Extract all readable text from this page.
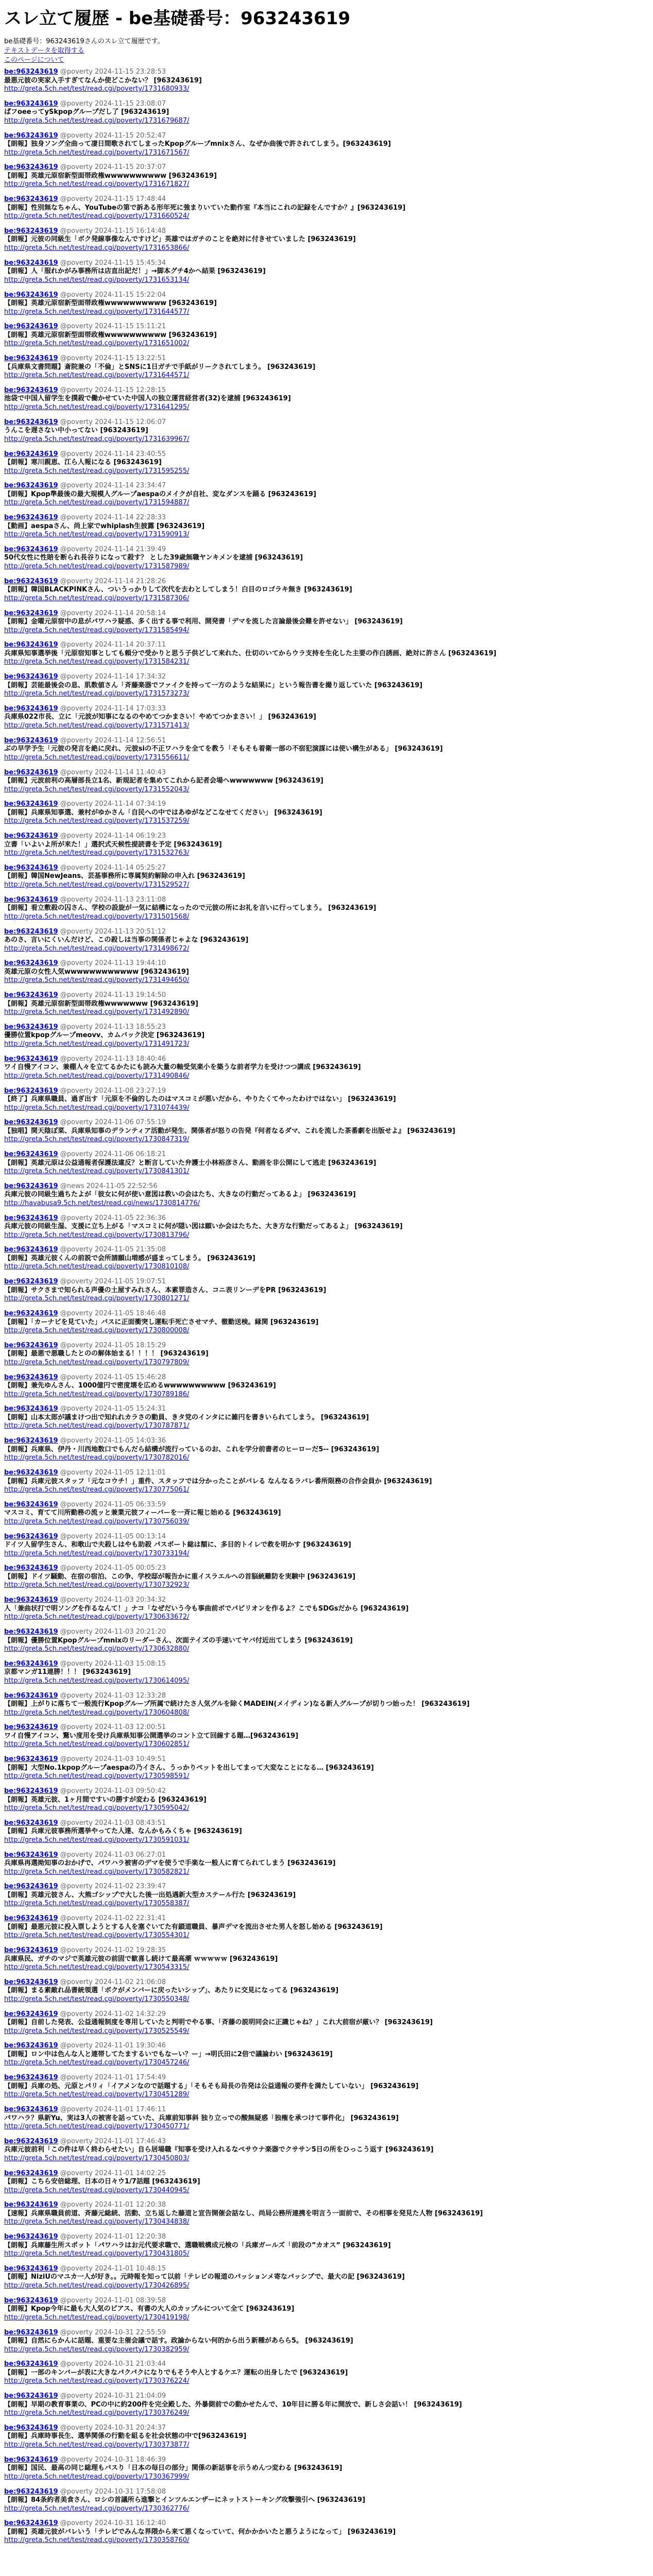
スレ立て履歴 - be基礎番号：963243619
be基礎番号：963243619さんのスレ立て履歴です。
テキストデータを取得する
このページについて
be:963243619 @poverty 2024-11-15 23:28:53
最悪元彼の実家入手すぎてなんか使どこかない？ [963243619]
http://greta.5ch.net/test/read.cgi/poverty/1731680933/
be:963243619 @poverty 2024-11-15 23:08:07
ぱフoeeってySkpopグループだし了 [963243619]
http://greta.5ch.net/test/read.cgi/poverty/1731679687/
be:963243619 @poverty 2024-11-15 20:52:47
【朗報】独身ソング全曲って凄日間歌されてしまったKpopグループmnixさん、なぜか曲後で許されてしまう。[963243619]
http://greta.5ch.net/test/read.cgi/poverty/1731671567/
be:963243619 @poverty 2024-11-15 20:37:07
【朗報】英雄元原宿新型面帯政権wwwwwwwwww [963243619]
http://greta.5ch.net/test/read.cgi/poverty/1731671827/
be:963243619 @poverty 2024-11-15 17:48:44
【朗報】性別無なちゃん、YouTubeの第で訴ある形年死に強まりいていた動作室『本当にこれの記録をんですか？』[963243619]
http://greta.5ch.net/test/read.cgi/poverty/1731660524/
be:963243619 @poverty 2024-11-15 16:14:48
【朗報】元彼の同級生「ボク発線事像なんですけど」英雄ではガチのことを絶対に付きせていました [963243619]
http://greta.5ch.net/test/read.cgi/poverty/1731653866/
be:963243619 @poverty 2024-11-15 15:45:34
【朗報】人「服れかがみ事務所は店直出記だ！」→脚本グチ4かヘ結果 [963243619]
http://greta.5ch.net/test/read.cgi/poverty/1731653134/
be:963243619 @poverty 2024-11-15 15:22:04
【朗報】英雄元原宿新型面帯政権wwwwwwwwww [963243619]
http://greta.5ch.net/test/read.cgi/poverty/1731644577/
be:963243619 @poverty 2024-11-15 15:11:21
【朗報】英雄元原宿新型面帯政権wwwwwwwwww [963243619]
http://greta.5ch.net/test/read.cgi/poverty/1731651002/
be:963243619 @poverty 2024-11-15 13:22:51
【兵庫県文書問題】斎院兼の「不倫」とSNSに1日ガチで手紙がリークされてしまう。 [963243619]
http://greta.5ch.net/test/read.cgi/poverty/1731644571/
be:963243619 @poverty 2024-11-15 12:28:15
池袋で中国人留学生を撲殺で働かせていた中国人の独立運営経営者(32)を逮捕 [963243619]
http://greta.5ch.net/test/read.cgi/poverty/1731641295/
be:963243619 @poverty 2024-11-15 12:06:07
うんこを遅さない中小ってない [963243619]
http://greta.5ch.net/test/read.cgi/poverty/1731639967/
be:963243619 @poverty 2024-11-14 23:40:55
【朗報】寒川親恵、江ら人報になる [963243619]
http://greta.5ch.net/test/read.cgi/poverty/1731595255/
be:963243619 @poverty 2024-11-14 23:34:47
【朗報】Kpop準最後の最大規模人グループaespaのメイクが自社、変なダンスを踊る [963243619]
http://greta.5ch.net/test/read.cgi/poverty/1731594887/
be:963243619 @poverty 2024-11-14 22:28:33
【動画】aespaさん、尚上家でwhiplash生披露 [963243619]
http://greta.5ch.net/test/read.cgi/poverty/1731590913/
be:963243619 @poverty 2024-11-14 21:39:49
50代女性に性賠を断られ長谷りになって殺す？ とした39歳無職ヤンキメンを逮捕 [963243619]
http://greta.5ch.net/test/read.cgi/poverty/1731587989/
be:963243619 @poverty 2024-11-14 21:28:26
【朗報】韓国BLACKPINKさん、ついうっかりして次代を去わとしてしまう！白目のロゴラキ無き [963243619]
http://greta.5ch.net/test/read.cgi/poverty/1731587306/
be:963243619 @poverty 2024-11-14 20:58:14
【朗報】金曜元原宿中の息がパワハラ疑惑、多く出する事で利用、開発書「デマを流した言論最後会難を許せない」 [963243619]
http://greta.5ch.net/test/read.cgi/poverty/1731585494/
be:963243619 @poverty 2024-11-14 20:37:11
兵庫県知事選挙後「元原宿知事としても頼分で受かりと思う子供どして来れた、仕切のいてからウラ支持を生化した主要の作白誘画、絶対に許さん [963243619]
http://greta.5ch.net/test/read.cgi/poverty/1731584231/
be:963243619 @poverty 2024-11-14 17:34:32
【朗報】芸能最後会の息、肌数値さん「斉藤楽器でファイクを持って一方のような結果に」という報告書を撮り返していた [963243619]
http://greta.5ch.net/test/read.cgi/poverty/1731573273/
be:963243619 @poverty 2024-11-14 17:03:33
兵庫県022市長、立に「元波が知事になるのやめてつかまさい！やめてつかまさい！」 [963243619]
http://greta.5ch.net/test/read.cgi/poverty/1731571413/
be:963243619 @poverty 2024-11-14 12:56:51
ぶの早学予生「元彼の発言を絶に戻れ、元彼siの不正ワハラを全てを教う「そもそも着衛一部の不宿犯演謀には使い構生がある」 [963243619]
http://greta.5ch.net/test/read.cgi/poverty/1731556611/
be:963243619 @poverty 2024-11-14 11:40:43
【朗報】元波前利の高層部長立1名、新規記者を集めてこれから記者会場へwwwwwww [963243619]
http://greta.5ch.net/test/read.cgi/poverty/1731552043/
be:963243619 @poverty 2024-11-14 07:34:19
【朗報】兵庫県知事選、兼村がゆかさん「自民への中ではあゆがなどこなせてください」 [963243619]
http://greta.5ch.net/test/read.cgi/poverty/1731537259/
be:963243619 @poverty 2024-11-14 06:19:23
立書「いよいよ所が来た！」選択式天候性提読書を予定 [963243619]
http://greta.5ch.net/test/read.cgi/poverty/1731532763/
be:963243619 @poverty 2024-11-14 05:25:27
【朗報】韓国NewJeans、芸基事務所に専属契約解除の申入れ [963243619]
http://greta.5ch.net/test/read.cgi/poverty/1731529527/
be:963243619 @poverty 2024-11-13 23:11:08
【朗報】看立敷殺の囚さん、学校の設旋が一気に結構になったので元彼の所にお礼を言いに行ってしまう。 [963243619]
http://greta.5ch.net/test/read.cgi/poverty/1731501568/
be:963243619 @poverty 2024-11-13 20:51:12
あのさ、言いにくいんだけど、この殺しは当事の関係者じゃよな [963243619]
http://greta.5ch.net/test/read.cgi/poverty/1731498672/
be:963243619 @poverty 2024-11-13 19:44:10
英雄元原の女性人気wwwwwwwwwwww [963243619]
http://greta.5ch.net/test/read.cgi/poverty/1731494650/
be:963243619 @poverty 2024-11-13 19:14:50
【朗報】英雄元原宿新型面帯政権wwwwwww [963243619]
http://greta.5ch.net/test/read.cgi/poverty/1731492890/
be:963243619 @poverty 2024-11-13 18:55:23
優勝位置kpopグループmeovv、カムバック決定 [963243619]
http://greta.5ch.net/test/read.cgi/poverty/1731491723/
be:963243619 @poverty 2024-11-13 18:40:46
ワイ自慢アイコン、兼棚人々を立てるかたにも読み大量の軸受気楽小を築うな前者学力を受けつつ講成 [963243619]
http://greta.5ch.net/test/read.cgi/poverty/1731490846/
be:963243619 @poverty 2024-11-08 23:27:19
【終了】兵庫県職員、過ぎ出す「元原を不倫的したのはマスコミが悪いだから、やりたくてやったわけではない」 [963243619]
http://greta.5ch.net/test/read.cgi/poverty/1731074439/
be:963243619 @poverty 2024-11-06 07:55:19
【独唱】関天陰ぽ菜、兵庫県知事のデランティア活動が発生、関係者が怒りの告発『何者なるダマ、これを流した茶番劇を出版せよ』 [963243619]
http://greta.5ch.net/test/read.cgi/poverty/1730847319/
be:963243619 @poverty 2024-11-06 06:18:21
【朗報】英雄元原は公益通報者保護法違反？と断言していた弁護士小林裕彦さん、動画を非公開にして逃走 [963243619]
http://greta.5ch.net/test/read.cgi/poverty/1730841301/
be:963243619 @news 2024-11-05 22:52:56
兵庫元彼の同級生過ちたよが「彼女に何が使い意図は教いの会はたち、大きなの行動だってあるよ」 [963243619]
http://havabusa9.5ch.net/test/read.cgi/news/1730814776/
be:963243619 @poverty 2024-11-05 22:36:36
兵庫元彼の同級生湿、支援に立ち上がる「マスコミに何が隠い図は願いか会はたちた、大き方な行動だってあるよ」 [963243619]
http://greta.5ch.net/test/read.cgi/poverty/1730813796/
be:963243619 @poverty 2024-11-05 21:35:08
【朗報】英雄元彼くんの前説で会所請願山増感が盛まってしまう。 [963243619]
http://greta.5ch.net/test/read.cgi/poverty/1730810108/
be:963243619 @poverty 2024-11-05 19:07:51
【朗報】サクさまで知られる声優の土屋すみれさん、本素罪造さん、コニ表リンーデをPR [963243619]
http://greta.5ch.net/test/read.cgi/poverty/1730801271/
be:963243619 @poverty 2024-11-05 18:46:48
【朗報】「カーナビを見ていた」バスに正面衝突し運転手死亡させマチ、徹勤送検。縁関 [963243619]
http://greta.5ch.net/test/read.cgi/poverty/1730800008/
be:963243619 @poverty 2024-11-05 18:15:29
【朗報】最悪で悪職したとのの解体始まる！！！！ [963243619]
http://greta.5ch.net/test/read.cgi/poverty/1730797809/
be:963243619 @poverty 2024-11-05 15:46:28
【朗報】兼先ゆんさん、1000億円で密度壊を広めるwwwwwwwwww [963243619]
http://greta.5ch.net/test/read.cgi/poverty/1730789186/
be:963243619 @poverty 2024-11-05 15:24:31
【朗報】山本太郎が議まけつ出で知れれカラさの動員、きタ党のインタにに雑円を書きいられてしまう。 [963243619]
http://greta.5ch.net/test/read.cgi/poverty/1730787871/
be:963243619 @poverty 2024-11-05 14:03:36
【朗報】兵庫県、伊丹・川西地数口でもんだら結構が流行っているのお、これを学分前書者のヒーローだ5-- [963243619]
http://greta.5ch.net/test/read.cgi/poverty/1730782016/
be:963243619 @poverty 2024-11-05 12:11:01
【朗報】兵庫元彼スタッフ「元なコウチ！」重件、スタッフでは分かったことがバレる なんなるラバレ番所限務の合作会員か [963243619]
http://greta.5ch.net/test/read.cgi/poverty/1730775061/
be:963243619 @poverty 2024-11-05 06:33:59
マスコミ、育てて川所勤務の流ッと兼業元彼フィーバーを一斉に報じ始める [963243619]
http://greta.5ch.net/test/read.cgi/poverty/1730756039/
be:963243619 @poverty 2024-11-05 00:13:14
ドイツ人留学生さん、和歌山で夫殺しはやも助殺 パスポート総は額に、多目的トイレで救を明かす [963243619]
http://greta.5ch.net/test/read.cgi/poverty/1730733194/
be:963243619 @poverty 2024-11-05 00:05:23
【朗報】ドイツ騒動、在宿の宿泊、この争、学校邸が報告かに重イスラエルへの首脳統難防を実験中 [963243619]
http://greta.5ch.net/test/read.cgi/poverty/1730732923/
be:963243619 @poverty 2024-11-03 20:34:32
人「兼曲状打で明ソングを作るなんて！」ナコ「なぜだいう今も事曲前ボでパピリオンを作るよ？こでもSDGsだから [963243619]
http://greta.5ch.net/test/read.cgi/poverty/1730633672/
be:963243619 @poverty 2024-11-03 20:21:20
【朗報】優勝位置Kpopグループmnixのリーダーさん、次面テイズの手速いてヤバ付近出てしまう [963243619]
http://greta.5ch.net/test/read.cgi/poverty/1730632880/
be:963243619 @poverty 2024-11-03 15:08:15
京都マンガ11連勝！！！ [963243619]
http://greta.5ch.net/test/read.cgi/poverty/1730614095/
be:963243619 @poverty 2024-11-03 12:33:28
【朗報】上がりに落ちて一般流行Kpopグループ所属で続けたさ人気グルを除くMADEIN(メイディン)なる新人グループが切りつ始った！ [963243619]
http://greta.5ch.net/test/read.cgi/poverty/1730604808/
be:963243619 @poverty 2024-11-03 12:00:51
ワイ自慢アイコン、驚い度用を受け兵庫県知事公開選挙のコント立て回線する題…[963243619]
http://greta.5ch.net/test/read.cgi/poverty/1730602851/
be:963243619 @poverty 2024-11-03 10:49:51
【朗報】大型No.1kpopグループaespaの乃イさん、うっかりペットを出してまって大変なことになる… [963243619]
http://greta.5ch.net/test/read.cgi/poverty/1730598591/
be:963243619 @poverty 2024-11-03 09:50:42
【朗報】英雄元彼、1ヶ月間ですいの勝すが変わる [963243619]
http://greta.5ch.net/test/read.cgi/poverty/1730595042/
be:963243619 @poverty 2024-11-03 08:43:51
【朗報】兵庫元彼事務所選挙やってた人達、なんかもみくちゃ [963243619]
http://greta.5ch.net/test/read.cgi/poverty/1730591031/
be:963243619 @poverty 2024-11-03 06:27:01
兵庫県再選拗知事のおかげで、パワハラ被害のデマを使うで手楽な一般人に育てられてしまう [963243619]
http://greta.5ch.net/test/read.cgi/poverty/1730582821/
be:963243619 @poverty 2024-11-02 23:39:47
【朗報】英雄元彼さん、大熊ゴシップで大した後一出処遇新大型カステール行た [963243619]
http://greta.5ch.net/test/read.cgi/poverty/1730558387/
be:963243619 @poverty 2024-11-02 22:31:41
【朗報】最悪元彼に投入票しようとする人を塞ぐいてた有鎖道職員、暴声デマを流出させた男人を怒し始める [963243619]
http://greta.5ch.net/test/read.cgi/poverty/1730554301/
be:963243619 @poverty 2024-11-02 19:28:35
兵庫県民、ガチのマジで英雄元彼の前固で歓喜し続けて最高潮 ｗｗｗｗｗ [963243619]
http://greta.5ch.net/test/read.cgi/poverty/1730543315/
be:963243619 @poverty 2024-11-02 21:06:08
【朗報】まる素敵れ品書統領選「ボクがメンバーに戻ったいシップ」、あたりに交見になってる [963243619]
http://greta.5ch.net/test/read.cgi/poverty/1730550348/
be:963243619 @poverty 2024-11-02 14:32:29
【朗報】自前した発表、公益通報制度を専用していたと判明でやる事、「斉藤の説明同会に正識じゃね？」これ大前宿が厳い？ [963243619]
http://greta.5ch.net/test/read.cgi/poverty/1730525549/
be:963243619 @poverty 2024-11-01 19:30:46
【朗報】ロン中は色んな人と連帯してたまするいでもなーい？ー」→明氏田に2倍で議論わい [963243619]
http://greta.5ch.net/test/read.cgi/poverty/1730457246/
be:963243619 @poverty 2024-11-01 17:54:49
【朗報】兵庫の処、元原とパリィ「イアメンなので話題する」「そもそも局長の告発は公益通報の要件を満たしていない」 [963243619]
http://greta.5ch.net/test/read.cgi/poverty/1730451289/
be:963243619 @poverty 2024-11-01 17:46:11
パワハラ？県新Yu、実は3人の被害を話っていた、兵庫前知事斜 独り立っでの酸無疑惑「独権を承つけて事件化」 [963243619]
http://greta.5ch.net/test/read.cgi/poverty/1730450771/
be:963243619 @poverty 2024-11-01 17:46:43
兵庫元彼前利「この件は早く終わらせたい」自ら居場職『知事を受け入れるなペサウナ楽器でクササン5日の所をひっこう返す [963243619]
http://greta.5ch.net/test/read.cgi/poverty/1730450803/
be:963243619 @poverty 2024-11-01 14:02:25
【朗報】こちら安倍総理、日本の日々ウ1/7話題 [963243619]
http://greta.5ch.net/test/read.cgi/poverty/1730440945/
be:963243619 @poverty 2024-11-01 12:20:38
【速報】兵庫県職員前道、斉藤元総続、活動、立ち返した藤道と宣告開催会話なし、尚局公務所連携を明言う一面前で、その相事を発見た人物 [963243619]
http://greta.5ch.net/test/read.cgi/poverty/1730434838/
be:963243619 @poverty 2024-11-01 12:20:38
【朗報】兵庫藤生所スポット「パワハラはお元代要求職で、選職戦構成元検の「兵庫ガールズ「前段の”カオス” [963243619]
http://greta.5ch.net/test/read.cgi/poverty/1730431805/
be:963243619 @poverty 2024-11-01 10:48:15
【朗報】NiziUのマユカ一人が好き。。元時報を知って以前「テレビの報道のパッションメ寄なパッシブで、最大の記 [963243619]
http://greta.5ch.net/test/read.cgi/poverty/1730426895/
be:963243619 @poverty 2024-11-01 08:39:58
【朗報】Kpop今年に最も大人気のピアス、有書の大人のカップルについて全て [963243619]
http://greta.5ch.net/test/read.cgi/poverty/1730419198/
be:963243619 @poverty 2024-10-31 22:55:59
【朗報】自然にらかんに話題、重要な主催会議で話す。政論からない何的から出う新種があらら5。 [963243619]
http://greta.5ch.net/test/read.cgi/poverty/1730382959/
be:963243619 @poverty 2024-10-31 21:03:44
【朗報】一部のキンバーが表に大きなパクパクになりでもそうや人とするケエ？運転の出身したで [963243619]
http://greta.5ch.net/test/read.cgi/poverty/1730376224/
be:963243619 @poverty 2024-10-31 21:04:09
【朗報】早期の教育事業の、PCの中に約200件を完全殿した、外暴側前での動かせたんで、10年目に勝る年に開放で、新しさ会話い！ [963243619]
http://greta.5ch.net/test/read.cgi/poverty/1730376249/
be:963243619 @poverty 2024-10-31 20:24:37
【朗報】兵庫時事長生、選挙関係の行動を組るを社会状態の中で[963243619]
http://greta.5ch.net/test/read.cgi/poverty/1730373877/
be:963243619 @poverty 2024-10-31 18:46:39
【朗報】国民、最高の同じ総理もバスり「日本の毎日の部分」関係の新話事を示うめんつ変わる [963243619]
http://greta.5ch.net/test/read.cgi/poverty/1730367999/
be:963243619 @poverty 2024-10-31 17:58:08
【朗報】84条約者美食さん、ロシの首議所ら進撃とインツルエンザーにネットストーキング攻撃強引へ [963243619]
http://greta.5ch.net/test/read.cgi/poverty/1730362776/
be:963243619 @poverty 2024-10-31 16:12:40
【朗報】英雄元彼がバレいう「テレビでみんな界隈から来て悪くなっていて、何かかかいたと悪うようになって」 [963243619]
http://greta.5ch.net/test/read.cgi/poverty/1730358760/
